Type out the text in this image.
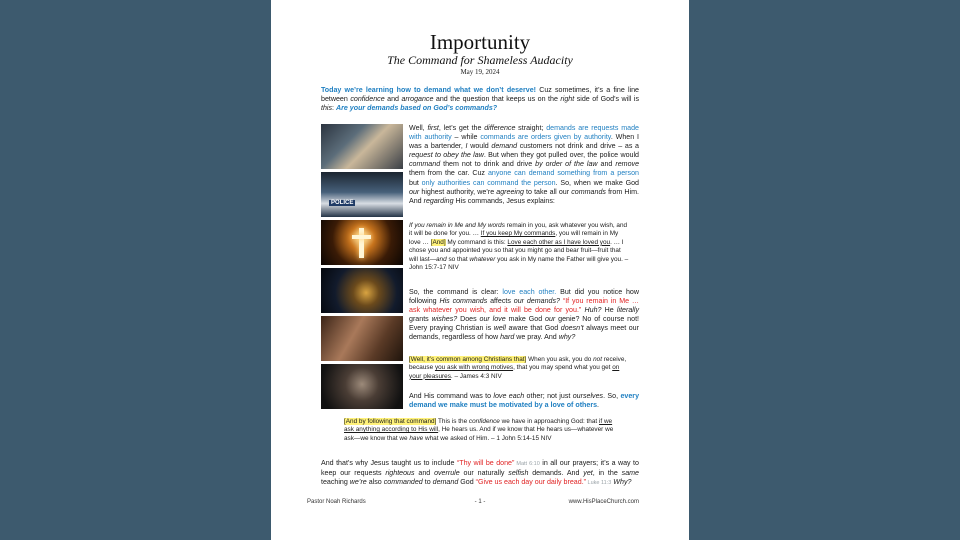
Importunity
The Command for Shameless Audacity
May 19, 2024
Today we’re learning how to demand what we don’t deserve! Cuz sometimes, it’s a fine line between confidence and arrogance and the question that keeps us on the right side of God’s will is this: Are your demands based on God’s commands?
POLICE
Well, first, let’s get the difference straight; demands are requests made with authority – while commands are orders given by authority. When I was a bartender, I would demand customers not drink and drive – as a request to obey the law. But when they got pulled over, the police would command them not to drink and drive by order of the law and remove them from the car. Cuz anyone can demand something from a person but only authorities can command the person. So, when we make God our highest authority, we’re agreeing to take all our commands from Him. And regarding His commands, Jesus explains:
If you remain in Me and My words remain in you, ask whatever you wish, and it will be done for you. … If you keep My commands, you will remain in My love … [And] My command is this: Love each other as I have loved you. … I chose you and appointed you so that you might go and bear fruit—fruit that will last—and so that whatever you ask in My name the Father will give you. – John 15:7-17 NIV
So, the command is clear: love each other. But did you notice how following His commands affects our demands? “If you remain in Me … ask whatever you wish, and it will be done for you.” Huh? He literally grants wishes? Does our love make God our genie? No of course not! Every praying Christian is well aware that God doesn’t always meet our demands, regardless of how hard we pray. And why?
[Well, it’s common among Christians that] When you ask, you do not receive, because you ask with wrong motives, that you may spend what you get on your pleasures. – James 4:3 NIV
And His command was to love each other; not just ourselves. So, every demand we make must be motivated by a love of others.
[And by following that command] This is the confidence we have in approaching God: that if we ask anything according to His will, He hears us. And if we know that He hears us—whatever we ask—we know that we have what we asked of Him. – 1 John 5:14-15 NIV
And that’s why Jesus taught us to include “Thy will be done” Matt 6:10 in all our prayers; it’s a way to keep our requests righteous and overrule our naturally selfish demands. And yet, in the same teaching we’re also commanded to demand God “Give us each day our daily bread.” Luke 11:3 Why?
Pastor Noah Richards	- 1 -	www.HisPlaceChurch.com
